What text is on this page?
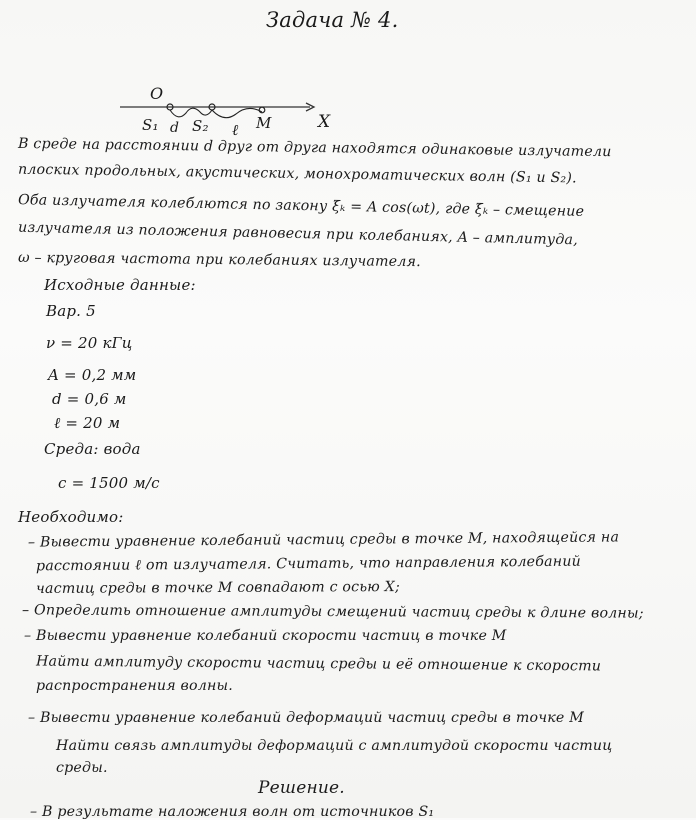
Задача № 4.
O
X
S₁ d S₂ ℓ M
В среде на расстоянии d друг от друга находятся одинаковые излучатели
плоских продольных, акустических, монохроматических волн (S₁ и S₂).
Оба излучателя колеблются по закону ξₖ = A cos(ωt), где ξₖ – смещение
излучателя из положения равновесия при колебаниях, A – амплитуда,
ω – круговая частота при колебаниях излучателя.
Исходные данные:
Вар. 5
ν = 20 кГц
A = 0,2 мм
d = 0,6 м
ℓ = 20 м
Среда: вода
c = 1500 м/с
Необходимо:
– Вывести уравнение колебаний частиц среды в точке M, находящейся на
расстоянии ℓ от излучателя. Считать, что направления колебаний
частиц среды в точке M совпадают с осью X;
– Определить отношение амплитуды смещений частиц среды к длине волны;
– Вывести уравнение колебаний скорости частиц в точке M
Найти амплитуду скорости частиц среды и её отношение к скорости
распространения волны.
– Вывести уравнение колебаний деформаций частиц среды в точке M
Найти связь амплитуды деформаций с амплитудой скорости частиц
среды.
Решение.
– В результате наложения волн от источников S₁
